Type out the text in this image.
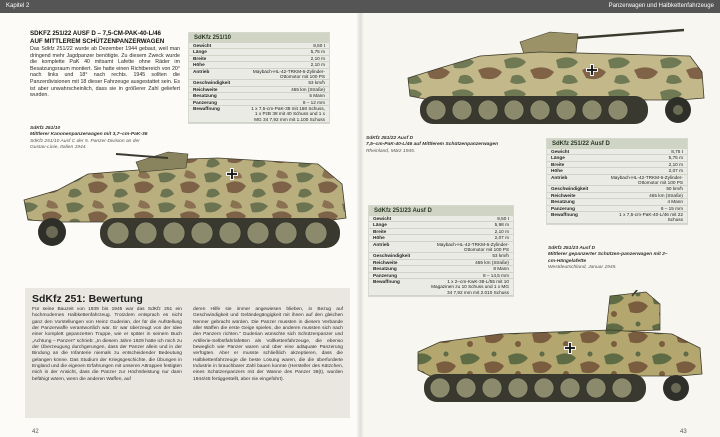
Kapitel 2	Panzerwagen und Halbkettenfahrzeuge
SDKFZ 251/22 AUSF D – 7,5-CM-PAK-40-L/46
AUF MITTLEREM SCHÜTZENPANZERWAGEN
Das Sdkfz 251/22 wurde ab Dezember 1944 gebaut, weil man dringend mehr Jagdpanzer benötigte. Zu diesem Zweck wurde die komplette PaK 40 mitsamt Lafette ohne Räder im Besatzungsraum montiert. Sie hatte einen Richtbereich von 20° nach links und 18° nach rechts. 1945 sollten die Panzerdivisionen mit 18 dieser Fahrzeuge ausgestattet sein. Es ist aber unwahrscheinlich, dass sie in größerer Zahl geliefert wurden.
SdKfz 251/10
Gewicht	8,50 t
Länge	5,75 m
Breite	2,10 m
Höhe	2,10 m
Antrieb	Maybach-HL-42-TRKM-6-Zylinder-Ottomotor mit 100 PS
Geschwindigkeit	53 km/h
Reichweite	465 km (Straße)
Besatzung	5 Mann
Panzerung	8 – 12 mm
Bewaffnung	1 x 7,5-cm-PaK-38 mit 168 Schuss, 1 x PzB 38 mit 40 Schuss und 1 x MG 34 7,92 mm mit 1.100 Schuss
SdKfz 251/10
Mittlerer Kanonenpanzerwagen mit 3,7–cm-PaK-36
SdKfz 251/10 Ausf C der 5. Panzer-Division an der Gustav-Linie, Italien 1944.
SdKfz 251: Bewertung
Für seine Bauzeit von 1939 bis 1945 war das SdKfz 251 ein hochmodernes Halbkettenfahrzeug. Trotzdem entsprach es nicht ganz den Vorstellungen von Heinz Guderian, der für die Aufstellung der Panzerwaffe verantwortlich war. Er war überzeugt von der Idee einer komplett gepanzerten Truppe, wie er später in seinem Buch „Achtung – Panzer!“ schrieb: „In diesem Jahre 1929 hatte ich mich zu der Überzeugung durchgerungen, dass der Panzer allein und in der Bindung an die Infanterie niemals zu entscheidender Bedeutung gelangen könne. Das Studium der Kriegsgeschichte, die Übungen in England und die eigenen Erfahrungen mit unseren Attrappen festigten mich in der Ansicht, dass die Panzer zur Höchstleistung nur dann befähigt wären, wenn die anderen Waffen, auf
deren Hilfe sie immer angewiesen blieben, in Bezug auf Geschwindigkeit und Geländegängigkeit mit ihnen auf den gleichen Nenner gebracht würden. Die Panzer mussten in diesem Verbande aller Waffen die erste Geige spielen, die anderen mussten sich nach den Panzern richten.“ Guderian wünschte sich Schützenpanzer und Artillerie-Selbstfahrlafetten als Vollkettenfahrzeuge, die ebenso beweglich wie Panzer waren und über eine adäquate Panzerung verfügten. Aber er musste schließlich akzeptieren, dass die Halbkettenfahrzeuge die beste Lösung waren, die die überforderte Industrie in brauchbarer Zahl bauen konnte (Hersteller des Kätzchen, eines Schützenpanzers mit der Wanne des Panzer 38(t), wurden 1944/45 fertiggestellt, aber nie eingeführt).
42
SdKfz 251/22 Ausf D
7,5–cm-PaK-40-L/46 auf Mittlerem Schützenpanzerwagen
Rheinland, März 1945.
SdKfz 251/22 Ausf D
Gewicht	8,75 t
Länge	5,75 m
Breite	2,10 m
Höhe	2,07 m
Antrieb	Maybach-HL-42-TRKM-6-Zylinder-Ottomotor mit 100 PS
Geschwindigkeit	50 km/h
Reichweite	465 km (Straße)
Besatzung	4 Mann
Panzerung	8 – 15 mm
Bewaffnung	1 x 7,5-cm-PaK-40-L/46 mit 22 Schuss
SdKfz 251/23 Ausf D
Gewicht	8,50 t
Länge	5,98 m
Breite	2,10 m
Höhe	2,07 m
Antrieb	Maybach-HL-42-TRKM-6-Zylinder-Ottomotor mit 100 PS
Geschwindigkeit	53 km/h
Reichweite	465 km (Straße)
Besatzung	8 Mann
Panzerung	8 – 14,5 mm
Bewaffnung	1 x 2–cm-KwK-38-L/55 mit 10 Magazinen zu 10 Schuss und 1 x MG 34 7,92 mm mit 2.010 Schuss
SdKfz 251/23 Ausf D
Mittlerer gepanzerter Schützen-panzerwagen mit 2–cm-Hängelafette
Westdeutschland, Januar 1945.
43
